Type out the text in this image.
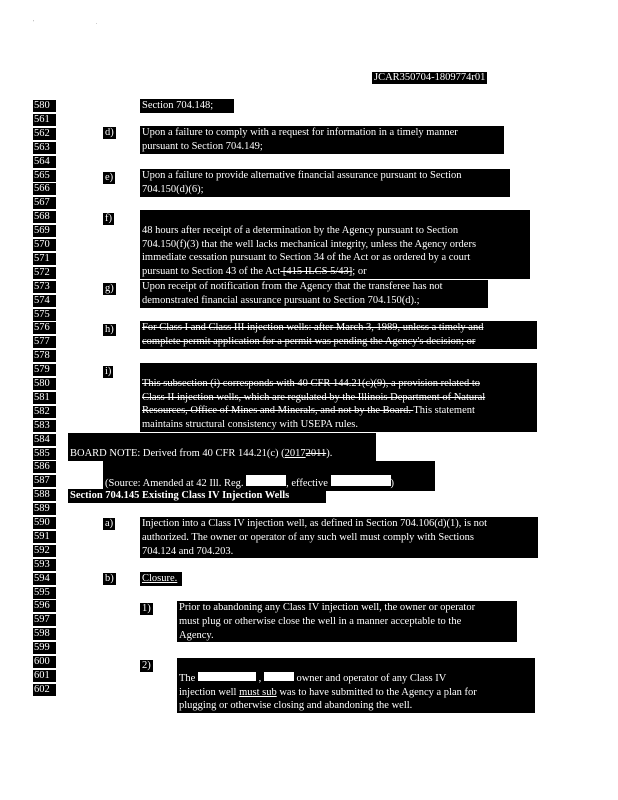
' .
JCAR350704-1809774r01
580
561
562
563
564
565
566
567
568
569
570
571
572
573
574
575
576
577
578
579
580
581
582
583
584
585
586
587
588
589
590
591
592
593
594
595
596
597
598
599
600
601
602
Section 704.148;
d)	Upon a failure to comply with a request for information in a timely manner
pursuant to Section 704.149;
e)	Upon a failure to provide alternative financial assurance pursuant to Section
704.150(d)(6);
f)

48 hours after receipt of a determination by the Agency pursuant to Section
704.150(f)(3) that the well lacks mechanical integrity, unless the Agency orders
immediate cessation pursuant to Section 34 of the Act or as ordered by a court
pursuant to Section 43 of the Act [415 ILCS 5/43]; or

g)	Upon receipt of notification from the Agency that the transferee has not
demonstrated financial assurance pursuant to Section 704.150(d).;
h)	For Class I and Class III injection wells: after March 3, 1989, unless a timely and
complete permit application for a permit was pending the Agency's decision; or
i)

This subsection (i) corresponds with 40 CFR 144.21(c)(9), a provision related to
Class II injection wells, which are regulated by the Illinois Department of Natural
Resources, Office of Mines and Minerals, and not by the Board. This statement
maintains structural consistency with USEPA rules.

BOARD NOTE: Derived from 40 CFR 144.21(c) (20172011).

(Source: Amended at 42 Ill. Reg.	, effective	)

Section 704.145 Existing Class IV Injection Wells
a)	Injection into a Class IV injection well, as defined in Section 704.106(d)(1), is not
authorized. The owner or operator of any such well must comply with Sections
704.124 and 704.203.
b)	Closure.
1)	Prior to abandoning any Class IV injection well, the owner or operator
must plug or otherwise close the well in a manner acceptable to the
Agency.
2)

The	,	owner and operator of any Class IV
injection well must sub was to have submitted to the Agency a plan for
plugging or otherwise closing and abandoning the well.
